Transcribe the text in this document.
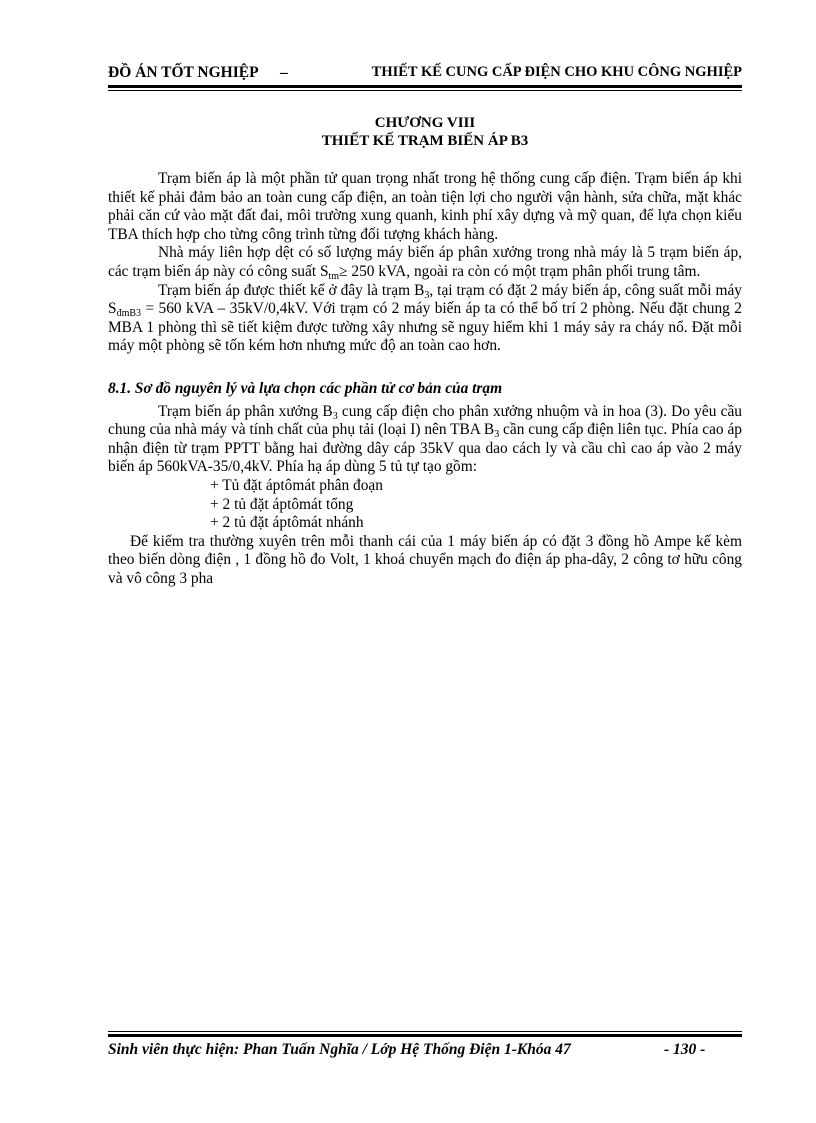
ĐỒ ÁN TỐT NGHIỆP –	THIẾT KẾ CUNG CẤP ĐIỆN CHO KHU CÔNG NGHIỆP
CHƯƠNG VIII
THIẾT KẾ TRẠM BIẾN ÁP B3

Trạm biến áp là một phần tử quan trọng nhất trong hệ thống cung cấp điện. Trạm biến áp khi thiết kế phải đảm bảo an toàn cung cấp điện, an toàn tiện lợi cho người vận hành, sửa chữa, mặt khác phải căn cứ vào mặt đất đai, môi trường xung quanh, kinh phí xây dựng và mỹ quan, để lựa chọn kiểu TBA thích hợp cho từng công trình từng đối tượng khách hàng.

Nhà máy liên hợp dệt có số lượng máy biến áp phân xưởng trong nhà máy là 5 trạm biến áp, các trạm biến áp này có công suất $S_{tm}\ge 250$ kVA, ngoài ra còn có một trạm phân phối trung tâm.

Trạm biến áp được thiết kế ở đây là trạm $B_3$, tại trạm có đặt 2 máy biến áp, công suất mỗi máy $S_{đmB3} = 560$ kVA – 35kV/0,4kV. Với trạm có 2 máy biến áp ta có thể bố trí 2 phòng. Nếu đặt chung 2 MBA 1 phòng thì sẽ tiết kiệm được tường xây nhưng sẽ nguy hiểm khi 1 máy sảy ra cháy nổ. Đặt mỗi máy một phòng sẽ tốn kém hơn nhưng mức độ an toàn cao hơn.

8.1. Sơ đồ nguyên lý và lựa chọn các phần tử cơ bản của trạm

Trạm biến áp phân xưởng $B_3$ cung cấp điện cho phân xưởng nhuộm và in hoa (3). Do yêu cầu chung của nhà máy và tính chất của phụ tải (loại I) nên TBA $B_3$ cần cung cấp điện liên tục. Phía cao áp nhận điện từ trạm PPTT bằng hai đường dây cáp 35kV qua dao cách ly và cầu chì cao áp vào 2 máy biến áp 560kVA-35/0,4kV. Phía hạ áp dùng 5 tủ tự tạo gồm:

+ Tủ đặt áptômát phân đoạn

+ 2 tủ đặt áptômát tổng

+ 2 tủ đặt áptômát nhánh

Để kiểm tra thường xuyên trên mỗi thanh cái của 1 máy biến áp có đặt 3 đồng hồ Ampe kế kèm theo biến dòng điện , 1 đồng hồ đo Volt, 1 khoá chuyển mạch đo điện áp pha-dây, 2 công tơ hữu công và vô công 3 pha

Sinh viên thực hiện: Phan Tuấn Nghĩa / Lớp Hệ Thống Điện 1-Khóa 47	- 130 -
